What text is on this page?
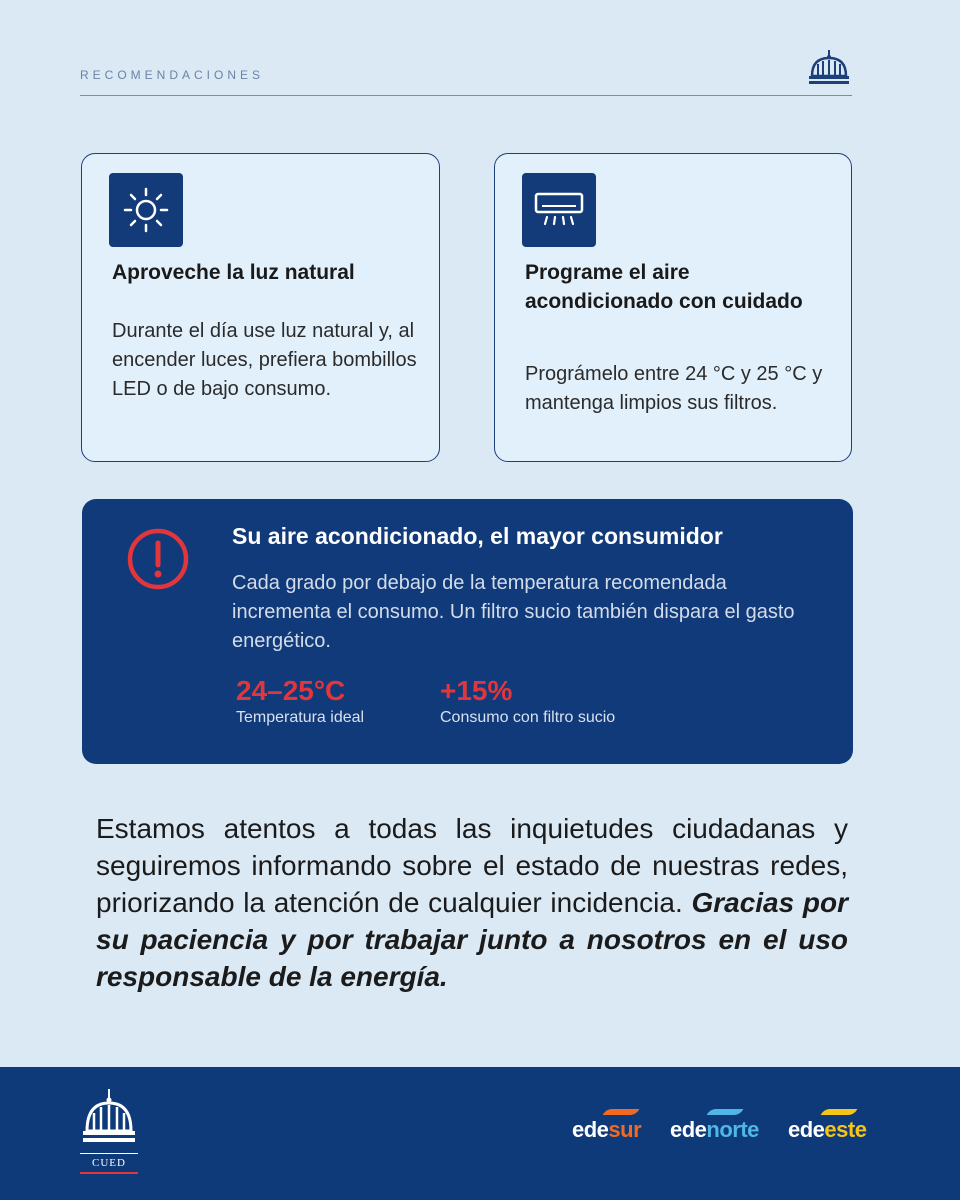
RECOMENDACIONES
Aproveche la luz natural
Durante el día use luz natural y, al encender luces, prefiera bombillos LED o de bajo consumo.
Programe el aire acondicionado con cuidado
Prográmelo entre 24 °C y 25 °C y mantenga limpios sus filtros.
Su aire acondicionado, el mayor consumidor
Cada grado por debajo de la temperatura recomendada incrementa el consumo. Un filtro sucio también dispara el gasto energético.
24–25°C
Temperatura ideal
+15%
Consumo con filtro sucio
Estamos atentos a todas las inquietudes ciudadanas y seguiremos informando sobre el estado de nuestras redes, priorizando la atención de cualquier incidencia. Gracias por su paciencia y por trabajar junto a nosotros en el uso responsable de la energía.
CUED
edesur edenorte edeeste
